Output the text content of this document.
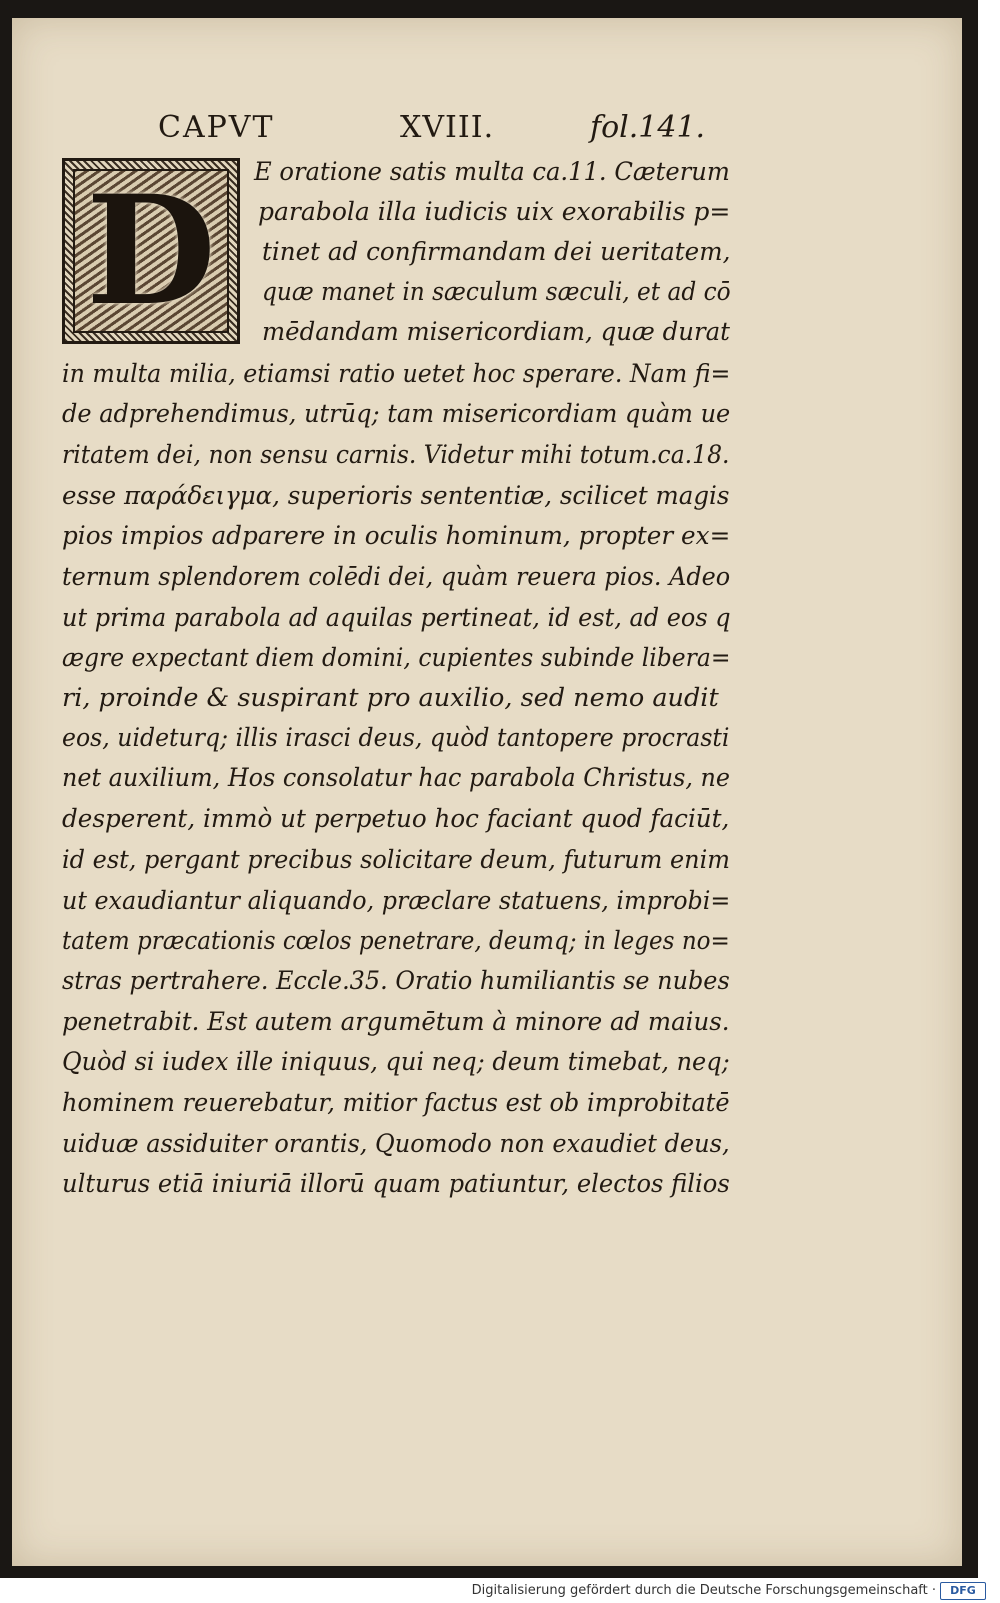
CAPVT	XVIII.	fol.141.
D	E oratione satis multa ca.11. Cæterum
parabola illa iudicis uix exorabilis p=
tinet ad confirmandam dei ueritatem,
quæ manet in sæculum sæculi, et ad cō
mēdandam misericordiam, quæ durat
in multa milia, etiamsi ratio uetet hoc sperare. Nam fi=
de adprehendimus, utrūq; tam misericordiam quàm ue
ritatem dei, non sensu carnis. Videtur mihi totum.ca.18.
esse παράδειγμα, superioris sententiæ, scilicet magis
pios impios adparere in oculis hominum, propter ex=
ternum splendorem colēdi dei, quàm reuera pios. Adeo
ut prima parabola ad aquilas pertineat, id est, ad eos q
ægre expectant diem domini, cupientes subinde libera=
ri, proinde & suspirant pro auxilio, sed nemo audit
eos, uideturq; illis irasci deus, quòd tantopere procrasti
net auxilium, Hos consolatur hac parabola Christus, ne
desperent, immò ut perpetuo hoc faciant quod faciūt,
id est, pergant precibus solicitare deum, futurum enim
ut exaudiantur aliquando, præclare statuens, improbi=
tatem præcationis cœlos penetrare, deumq; in leges no=
stras pertrahere. Eccle.35. Oratio humiliantis se nubes
penetrabit. Est autem argumētum à minore ad maius.
Quòd si iudex ille iniquus, qui neq; deum timebat, neq;
hominem reuerebatur, mitior factus est ob improbitatē
uiduæ assiduiter orantis, Quomodo non exaudiet deus,
ulturus etiā iniuriā illorū quam patiuntur, electos filios
Digitalisierung gefördert durch die Deutsche Forschungsgemeinschaft ·	DFG
